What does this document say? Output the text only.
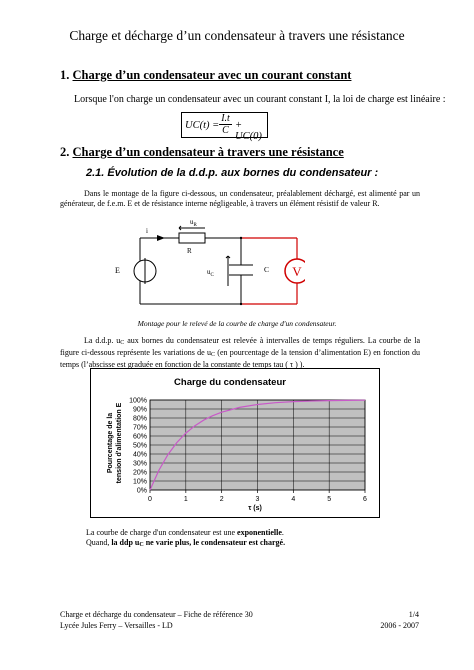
Charge et décharge d’un condensateur à travers une résistance
1. Charge d’un condensateur avec un courant constant
Lorsque l'on charge un condensateur avec un courant constant I, la loi de charge est linéaire :
UC(t) =
I.t
C + UC(0)
2. Charge d’un condensateur à travers une résistance
2.1. Évolution de la d.d.p. aux bornes du condensateur :
Dans le montage de la figure ci-dessous, un condensateur, préalablement déchargé, est alimenté par un générateur, de f.e.m. E et de résistance interne négligeable, à travers un élément résistif de valeur R.
V
$u_R$
i
R
E	$u_C$
C
Montage pour le relevé de la courbe de charge d'un condensateur.
La d.d.p. uC aux bornes du condensateur est relevée à intervalles de temps réguliers. La courbe de la figure ci-dessous représente les variations de uC (en pourcentage de la tension d’alimentation E) en fonction du temps (l’abscisse est graduée en fonction de la constante de temps tau ( τ ) ).
Charge du condensateur
Pourcentage de la tension d'alimentation E
0%
10%
20%
30%
40%
50%
60%
70%
80%
90%
100%
0	1	2	3	4	5	6
τ (s)
La courbe de charge d'un condensateur est une exponentielle.
Quand, la ddp uC ne varie plus, le condensateur est chargé.
Charge et décharge du condensateur – Fiche de référence 30
Lycée Jules Ferry – Versailles - LD
1/4
2006 - 2007
